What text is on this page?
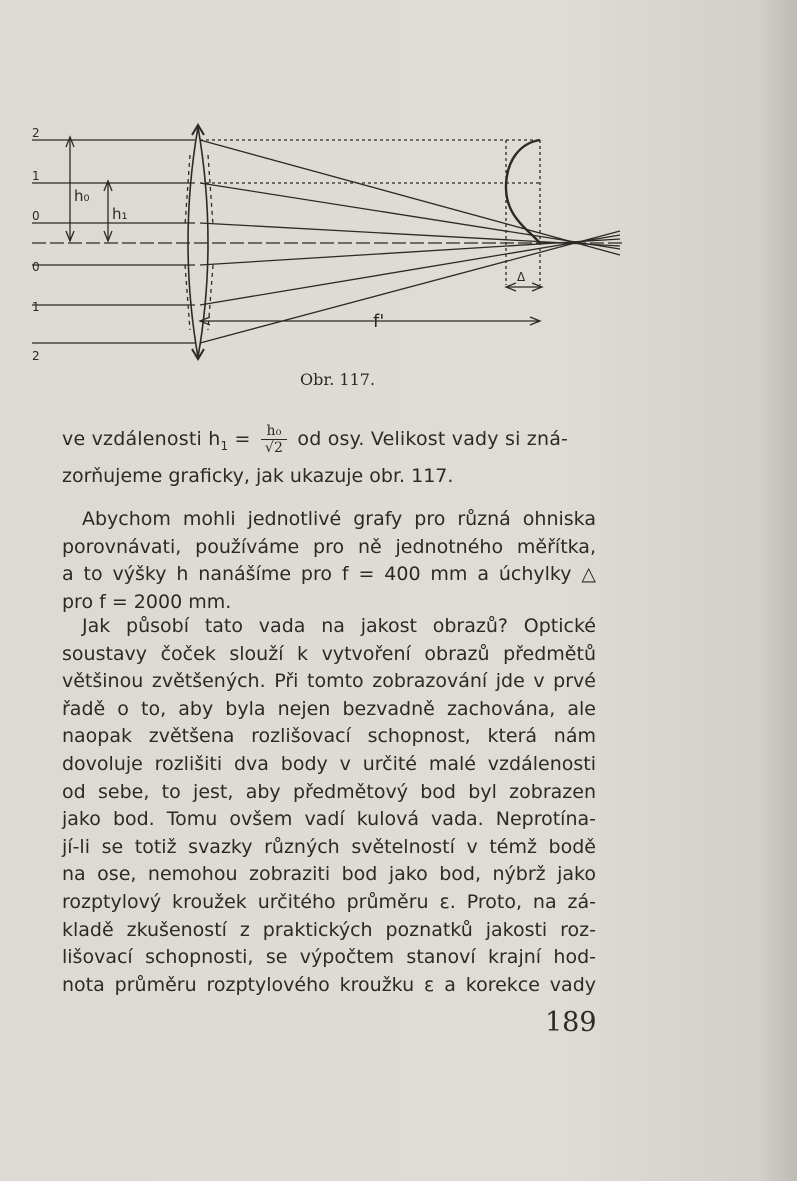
2
1
0
0
1
2
h₀
h₁
Δ
f'
Obr. 117.
ve vzdálenosti $h_1 = \frac{\text{h₀}}{√2}$ od osy. Velikost vady si zná-

zorňujeme graficky, jak ukazuje obr. 117.

Abychom mohli jednotlivé grafy pro různá ohniska

porovnávati, používáme pro ně jednotného měřítka,

a to výšky h nanášíme pro f = 400 mm a úchylky △

pro f = 2000 mm.

Jak působí tato vada na jakost obrazů? Optické

soustavy čoček slouží k vytvoření obrazů předmětů

většinou zvětšených. Při tomto zobrazování jde v prvé

řadě o to, aby byla nejen bezvadně zachována, ale

naopak zvětšena rozlišovací schopnost, která nám

dovoluje rozlišiti dva body v určité malé vzdálenosti

od sebe, to jest, aby předmětový bod byl zobrazen

jako bod. Tomu ovšem vadí kulová vada. Neprotína-

jí-li se totiž svazky různých světelností v témž bodě

na ose, nemohou zobraziti bod jako bod, nýbrž jako

rozptylový kroužek určitého průměru ε. Proto, na zá-

kladě zkušeností z praktických poznatků jakosti roz-

lišovací schopnosti, se výpočtem stanoví krajní hod-

nota průměru rozptylového kroužku ε a korekce vady

189
